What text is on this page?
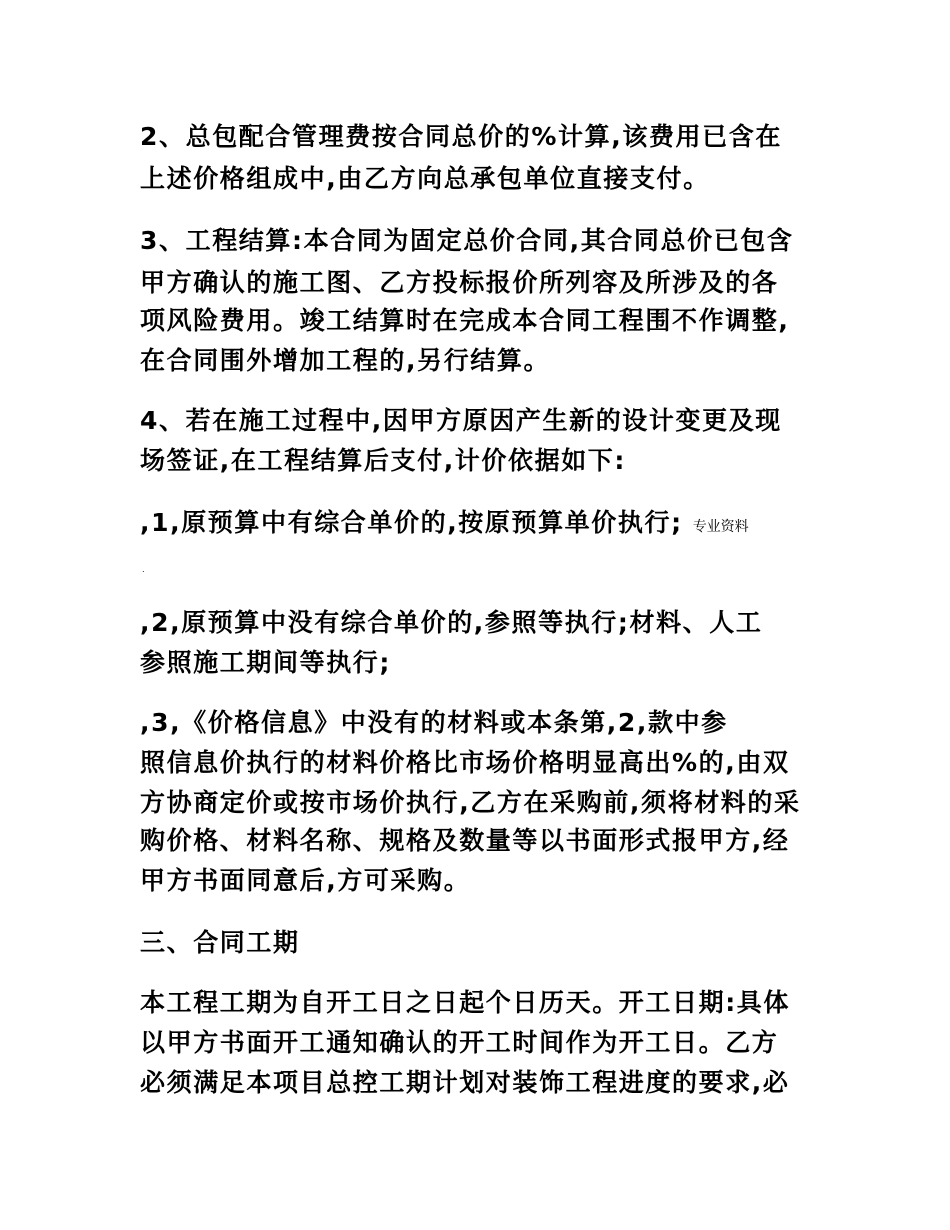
2、总包配合管理费按合同总价的%计算,该费用已含在
上述价格组成中,由乙方向总承包单位直接支付。
3、工程结算:本合同为固定总价合同,其合同总价已包含
甲方确认的施工图、乙方投标报价所列容及所涉及的各
项风险费用。竣工结算时在完成本合同工程围不作调整,
在合同围外增加工程的,另行结算。
4、若在施工过程中,因甲方原因产生新的设计变更及现
场签证,在工程结算后支付,计价依据如下:
,1,原预算中有综合单价的,按原预算单价执行; 专业资料
.
,2,原预算中没有综合单价的,参照等执行;材料、人工
参照施工期间等执行;
,3,《价格信息》中没有的材料或本条第,2,款中参
照信息价执行的材料价格比市场价格明显高出%的,由双
方协商定价或按市场价执行,乙方在采购前,须将材料的采
购价格、材料名称、规格及数量等以书面形式报甲方,经
甲方书面同意后,方可采购。
三、合同工期
本工程工期为自开工日之日起个日历天。开工日期:具体
以甲方书面开工通知确认的开工时间作为开工日。乙方
必须满足本项目总控工期计划对装饰工程进度的要求,必
